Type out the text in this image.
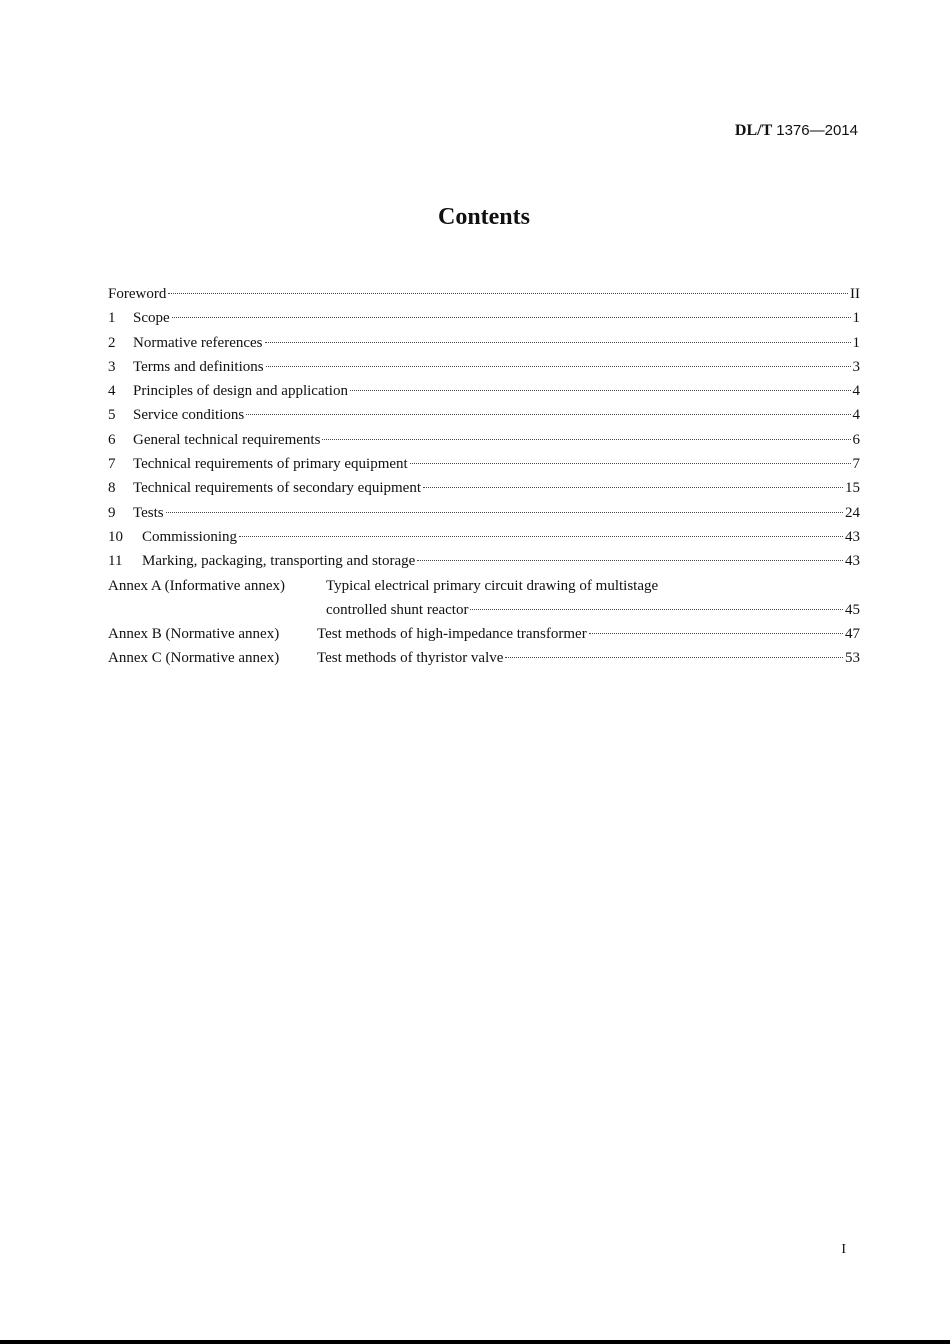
DL/T 1376—2014
Contents
Foreword	II
1	Scope	1
2	Normative references	1
3	Terms and definitions	3
4	Principles of design and application	4
5	Service conditions	4
6	General technical requirements	6
7	Technical requirements of primary equipment	7
8	Technical requirements of secondary equipment	15
9	Tests	24
10	Commissioning	43
11	Marking, packaging, transporting and storage	43
Annex A (Informative annex)	Typical electrical primary circuit drawing of multistage
controlled shunt reactor	45
Annex B (Normative annex)	Test methods of high-impedance transformer	47
Annex C (Normative annex)	Test methods of thyristor valve	53
I
